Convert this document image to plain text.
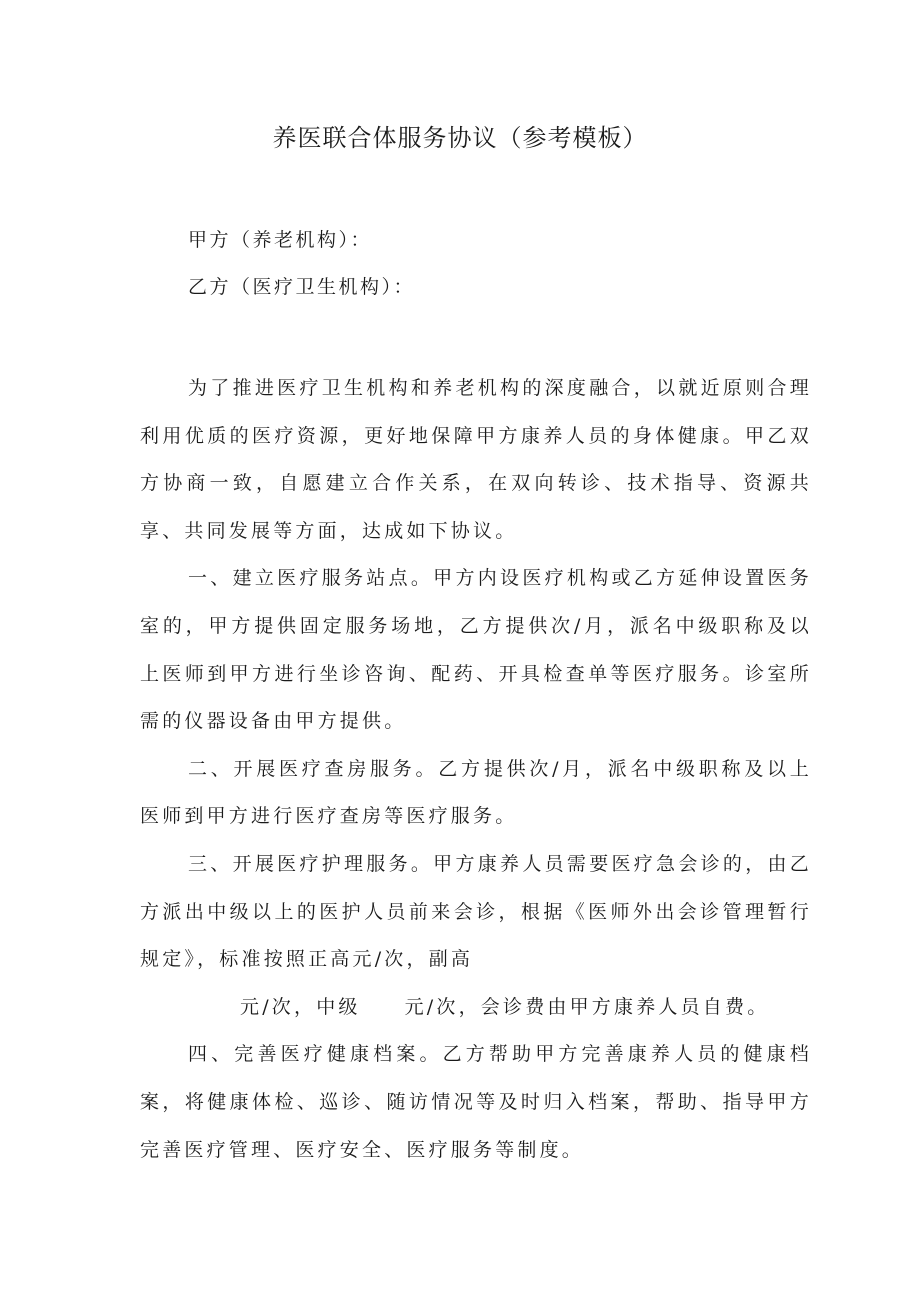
养医联合体服务协议（参考模板）
甲方（养老机构）：
乙方（医疗卫生机构）：

为了推进医疗卫生机构和养老机构的深度融合，以就近原则合理利用优质的医疗资源，更好地保障甲方康养人员的身体健康。甲乙双方协商一致，自愿建立合作关系，在双向转诊、技术指导、资源共享、共同发展等方面，达成如下协议。

一、建立医疗服务站点。甲方内设医疗机构或乙方延伸设置医务室的，甲方提供固定服务场地，乙方提供次/月，派名中级职称及以上医师到甲方进行坐诊咨询、配药、开具检查单等医疗服务。诊室所需的仪器设备由甲方提供。

二、开展医疗查房服务。乙方提供次/月，派名中级职称及以上医师到甲方进行医疗查房等医疗服务。

三、开展医疗护理服务。甲方康养人员需要医疗急会诊的，由乙方派出中级以上的医护人员前来会诊，根据《医师外出会诊管理暂行规定》，标准按照正高元/次，副高

元/次，中级 元/次，会诊费由甲方康养人员自费。

四、完善医疗健康档案。乙方帮助甲方完善康养人员的健康档案，将健康体检、巡诊、随访情况等及时归入档案，帮助、指导甲方完善医疗管理、医疗安全、医疗服务等制度。
